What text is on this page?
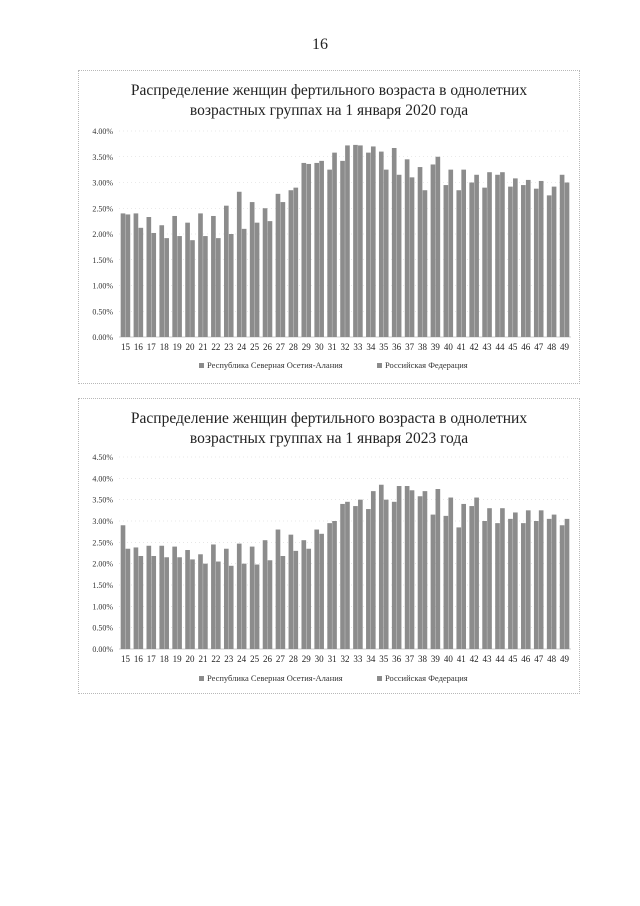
16
Распределение женщин фертильного возраста в однолетних
возрастных группах на 1 января 2020 года
0.00%
0.50%
1.00%
1.50%
2.00%
2.50%
3.00%
3.50%
4.00%
15 16 17 18 19 20 21 22 23 24 25 26 27 28 29 30 31 32 33 34 35 36 37 38 39 40 41 42 43 44 45 46 47 48 49
Республика Северная Осетия-Алания	Российская Федерация
Распределение женщин фертильного возраста в однолетних
возрастных группах на 1 января 2023 года
0.00%
0.50%
1.00%
1.50%
2.00%
2.50%
3.00%
3.50%
4.00%
4.50%
15 16 17 18 19 20 21 22 23 24 25 26 27 28 29 30 31 32 33 34 35 36 37 38 39 40 41 42 43 44 45 46 47 48 49
Республика Северная Осетия-Алания	Российская Федерация
